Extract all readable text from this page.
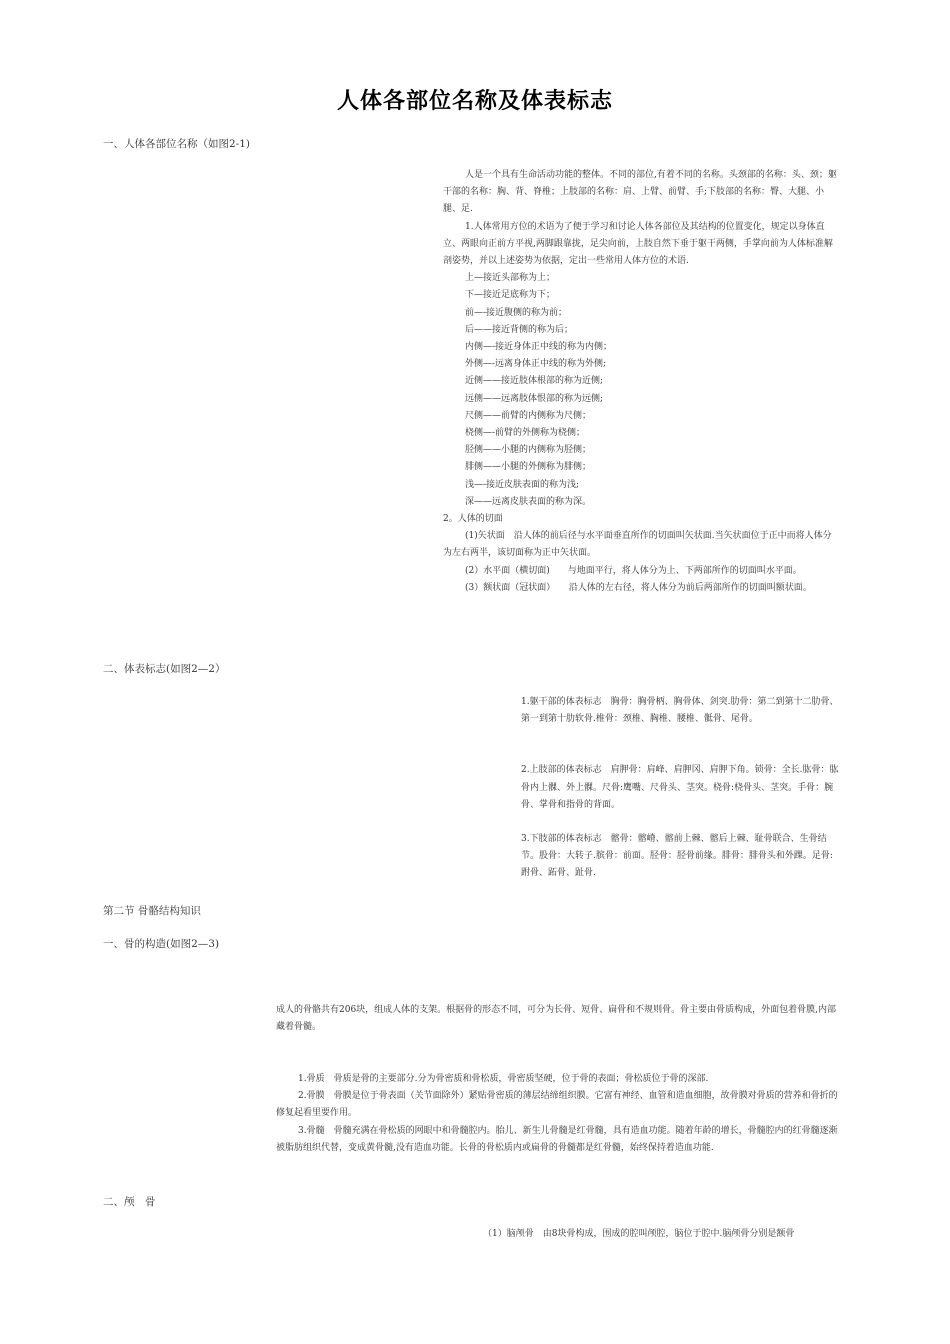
人体各部位名称及体表标志
一、人体各部位名称（如图2-1)

人是一个具有生命活动功能的整体。不同的部位,有着不同的名称。头颈部的名称：头、颈；躯干部的名称：胸、背、脊椎；上肢部的名称：肩、上臂、前臂、手;下肢部的名称：臀、大腿、小腿、足.

1.人体常用方位的术语为了便于学习和讨论人体各部位及其结构的位置变化，规定以身体直立、两眼向正前方平视,两脚跟靠拢，足尖向前，上肢自然下垂于躯干两侧，手掌向前为人体标准解剖姿势，并以上述姿势为依据，定出一些常用人体方位的术语.

上—接近头部称为上；

下—接近足底称为下；

前—-接近腹侧的称为前；

后——接近背侧的称为后；

内侧—-接近身体正中线的称为内侧；

外侧—-远离身体正中线的称为外侧;

近侧——接近肢体根部的称为近侧;

远侧——远离肢体恨部的称为远侧;

尺侧——前臂的内侧称为尺侧；

桡侧—-前臂的外侧称为桡侧；

胫侧——小腿的内侧称为胫侧；

腓侧——小腿的外侧称为腓侧；

浅—-接近皮肤表面的称为浅;

深——远离皮肤表面的称为深。

2。人体的切面

(1)矢状面　沿人体的前后径与水平面垂直所作的切面叫矢状面.当矢状面位于正中而将人体分为左右两半，该切面称为正中矢状面。

(2）水平面（横切面)　　与地面平行，将人体分为上、下两部所作的切面叫水平面。

(3）额状面（冠状面）　　沿人体的左右径，将人体分为前后两部所作的切面叫额状面。

二、体表标志(如图2—2）

1.躯干部的体表标志　胸骨：胸骨柄、胸骨体、剑突.肋骨：第二到第十二肋骨、第一到第十肋软骨.椎骨：颈椎、胸椎、腰椎、骶骨、尾骨。

2.上肢部的体表标志　肩胛骨：肩峰、肩胛冈、肩胛下角。锁骨：全长.肱骨：肱骨内上髁、外上髁。尺骨:鹰嘴、尺骨头、茎突。桡骨:桡骨头、茎突。手骨：腕骨、掌骨和指骨的背面。

3.下肢部的体表标志　髂骨：髂嵴、髂前上棘、髂后上棘、耻骨联合、生骨结节。股骨：大转子.膑骨：前面。胫骨：胫骨前缘。腓骨：腓骨头和外踝。足骨:跗骨、跖骨、趾骨.

第二节 骨骼结构知识
一、骨的构造(如图2—3)

成人的骨骼共有206块，组成人体的支架。根据骨的形态不同，可分为长骨、短骨、扁骨和不规则骨。骨主要由骨质构成，外面包着骨膜,内部藏着骨髓。

1.骨质　骨质是骨的主要部分.分为骨密质和骨松质，骨密质坚硬，位于骨的表面；骨松质位于骨的深部.

2.骨膜　骨膜是位于骨表面（关节面除外）紧贴骨密质的薄层结缔组织膜。它富有神经、血管和造血细胞，故骨膜对骨质的营养和骨折的修复起看里要作用。

3.骨髓　骨髓充满在骨松质的网眼中和骨髓腔内。胎儿、新生儿骨髓是红骨髓，具有造血功能。随着年龄的增长，骨髓腔内的红骨髓逐渐被脂肪组织代替，变成黄骨髓,没有造血功能。长骨的骨松质内或扁骨的骨髓都是红骨髓，始终保持着造血功能.

二、颅　骨

（1）脑颅骨　由8块骨构成，围成的腔叫颅腔，脑位于腔中.脑颅骨分别是额骨
